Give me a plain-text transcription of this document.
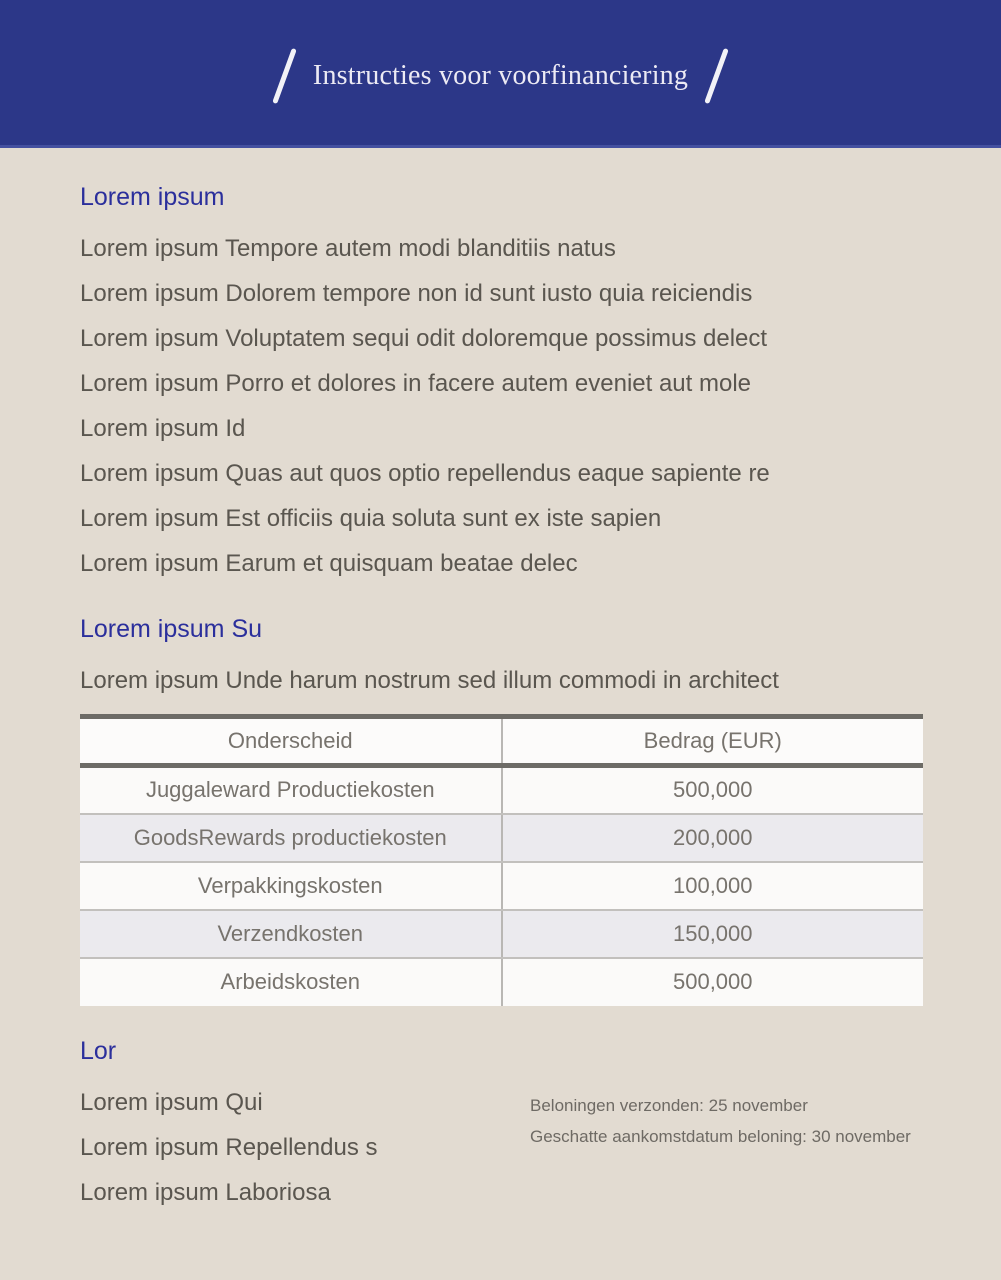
Instructies voor voorfinanciering
Lorem ipsum
Lorem ipsum Tempore autem modi blanditiis natus
Lorem ipsum Dolorem tempore non id sunt iusto quia reiciendis
Lorem ipsum Voluptatem sequi odit doloremque possimus delect
Lorem ipsum Porro et dolores in facere autem eveniet aut mole
Lorem ipsum Id
Lorem ipsum Quas aut quos optio repellendus eaque sapiente re
Lorem ipsum Est officiis quia soluta sunt ex iste sapien
Lorem ipsum Earum et quisquam beatae delec
Lorem ipsum Su
Lorem ipsum Unde harum nostrum sed illum commodi in architect
Onderscheid	Bedrag (EUR)
Juggaleward Productiekosten	500,000
GoodsRewards productiekosten	200,000
Verpakkingskosten	100,000
Verzendkosten	150,000
Arbeidskosten	500,000
Lor
Lorem ipsum Qui
Lorem ipsum Repellendus s
Lorem ipsum Laboriosa
Beloningen verzonden: 25 november
Geschatte aankomstdatum beloning: 30 november
